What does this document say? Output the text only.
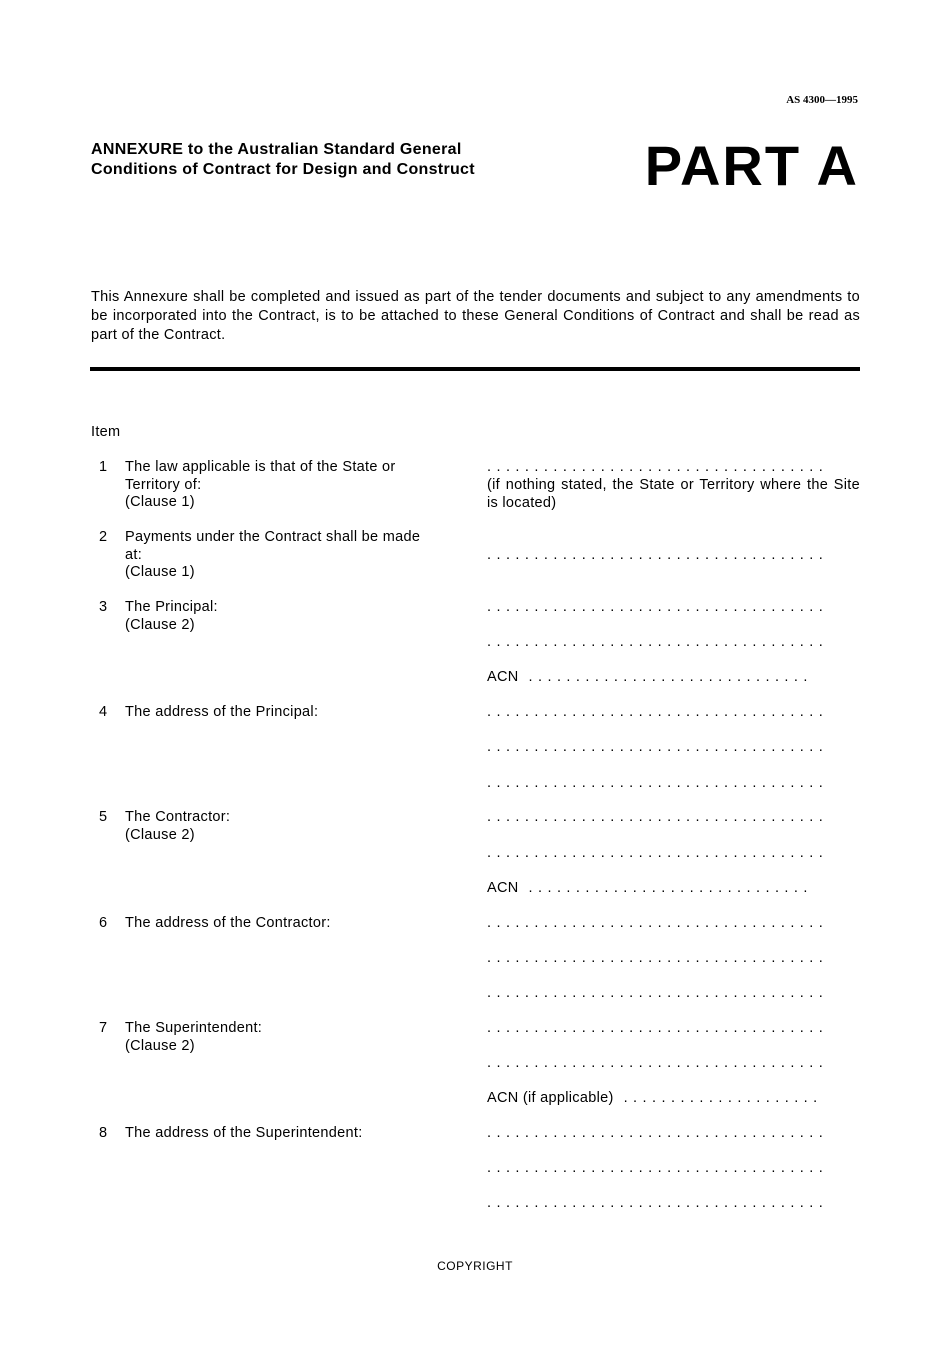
AS 4300—1995
ANNEXURE to the Australian Standard General
Conditions of Contract for Design and Construct	PART A
This Annexure shall be completed and issued as part of the tender documents and subject to any amendments to be incorporated into the Contract, is to be attached to these General Conditions of Contract and shall be read as part of the Contract.
Item
1 The law applicable is that of the State or
Territory of:
(Clause 1)
....................................
(if nothing stated, the State or Territory where the Site is located)
2 Payments under the Contract shall be made
at:
(Clause 1)
....................................
3 The Principal:
(Clause 2)
....................................
....................................
ACN ..............................
4 The address of the Principal:	....................................
....................................
....................................
5 The Contractor:
(Clause 2)
....................................
....................................
ACN ..............................
6 The address of the Contractor:	....................................
....................................
....................................
7 The Superintendent:
(Clause 2)
....................................
....................................
ACN (if applicable) .....................
8 The address of the Superintendent:	....................................
....................................
....................................
COPYRIGHT
